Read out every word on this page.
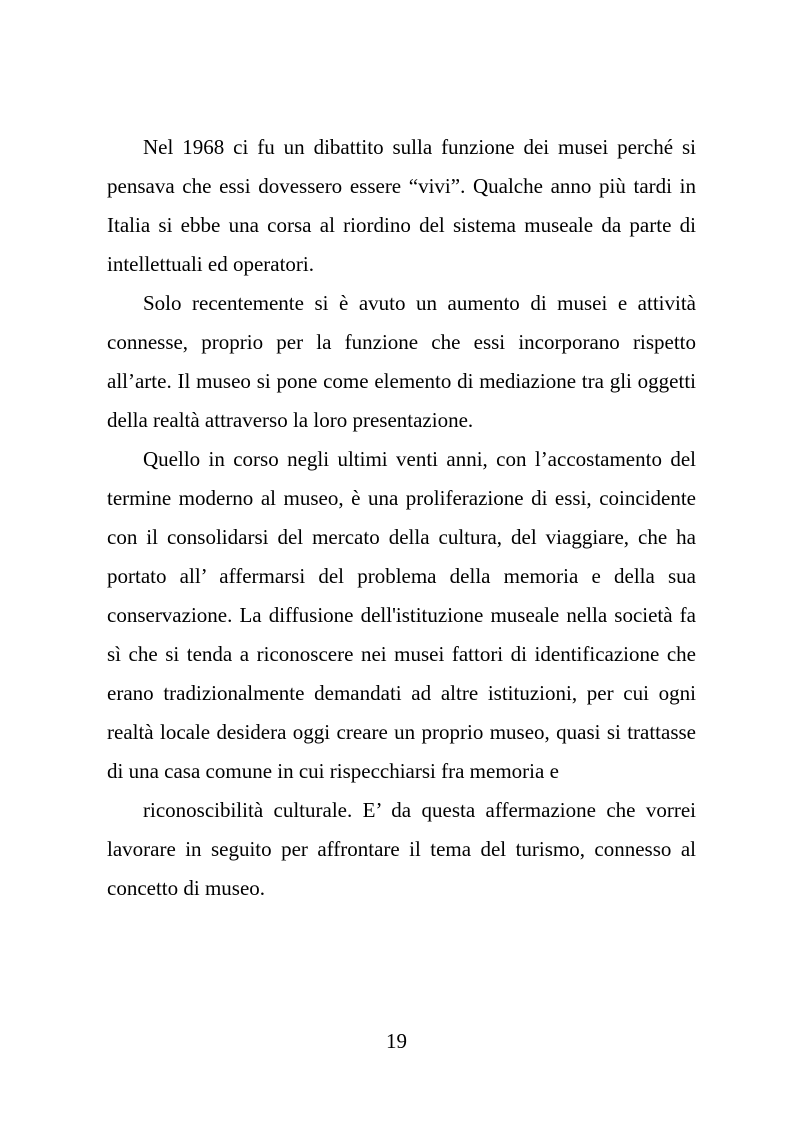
Nel 1968 ci fu un dibattito sulla funzione dei musei perché si pensava che essi dovessero essere “vivi”. Qualche anno più tardi in Italia si ebbe una corsa al riordino del sistema museale da parte di intellettuali ed operatori.

Solo recentemente si è avuto un aumento di musei e attività connesse, proprio per la funzione che essi incorporano rispetto all’arte. Il museo si pone come elemento di mediazione tra gli oggetti della realtà attraverso la loro presentazione.

Quello in corso negli ultimi venti anni, con l’accostamento del termine moderno al museo, è una proliferazione di essi, coincidente con il consolidarsi del mercato della cultura, del viaggiare, che ha portato all’ affermarsi del problema della memoria e della sua conservazione. La diffusione dell'istituzione museale nella società fa sì che si tenda a riconoscere nei musei fattori di identificazione che erano tradizionalmente demandati ad altre istituzioni, per cui ogni realtà locale desidera oggi creare un proprio museo, quasi si trattasse di una casa comune in cui rispecchiarsi fra memoria e

riconoscibilità culturale. E’ da questa affermazione che vorrei lavorare in seguito per affrontare il tema del turismo, connesso al concetto di museo.

19
